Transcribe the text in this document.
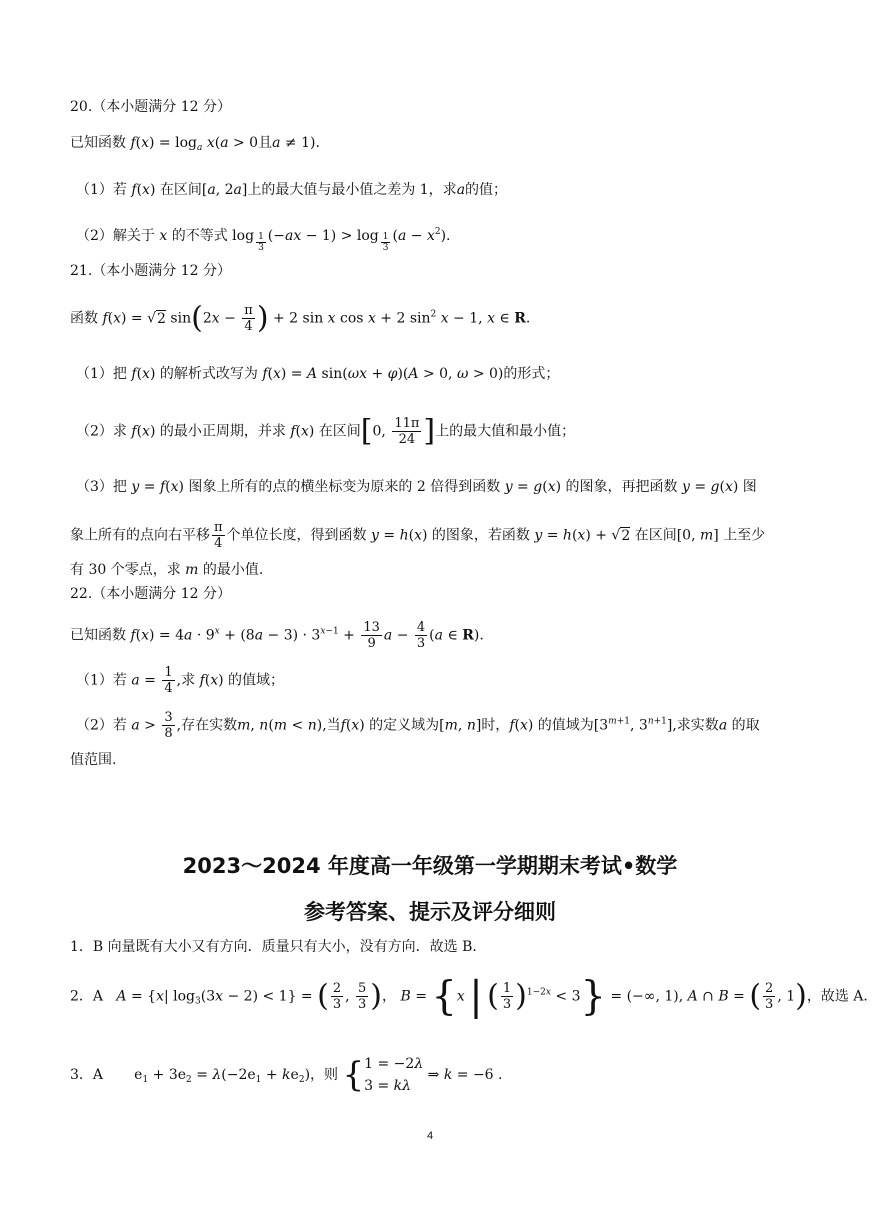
20.（本小题满分 12 分）
已知函数 $f(x) = \log_a x(a > 0$且a ≠ 1).
（1）若 f(x) 在区间[a, 2a]上的最大值与最小值之差为 1，求a的值；
（2）解关于 x 的不等式 $\log \frac{1}{3} (-ax - 1) > \log \frac{1}{3} (a - x^2)$.
21.（本小题满分 12 分）
函数 f(x) = √2 $\sin(2x - \frac{\pi}{4}$ ) + 2 sin x cos x + 2 $\sin^2 x - 1$, x ∈ R.
（1）把 f(x) 的解析式改写为 f(x) = A sin(ωx + φ)(A > 0, ω > 0)的形式；
（2）求 f(x) 的最小正周期，并求 f(x) 在区间[0, $\frac{11\pi}{24}$ ]上的最大值和最小值；
（3）把 y = f(x) 图象上所有的点的横坐标变为原来的 2 倍得到函数 y = g(x) 的图象，再把函数 y = g(x) 图
象上所有的点向右平移 $\frac{\pi}{4}$ 个单位长度，得到函数 y = h(x) 的图象，若函数 y = h(x) + √2 在区间[0, m] 上至少
有 30 个零点，求 m 的最小值.
22.（本小题满分 12 分）
已知函数 $f(x) = 4a \cdot 9^x + (8a - 3) \cdot 3^{x-1} + \frac{13}{9}$ $a - \frac{4}{3} (a$ ∈ R).
（1）若 $a = \frac{1}{4}$ ,求 f(x) 的值域；
（2）若 $a > \frac{3}{8}$ ,存在实数m, n(m < n),当f(x) 的定义域为[m, n]时，f(x) 的值域为[$3^{m+1}$, $3^{n+1}$],求实数a 的取
值范围.
2023～2024 年度高一年级第一学期期末考试•数学
参考答案、提示及评分细则
1．B 向量既有大小又有方向．质量只有大小，没有方向．故选 B．
2．A A = {x| $\log_3(3x - 2) < 1$} = ( $\frac{2}{3}$ , $\frac{5}{3}$ )， B = {x | ( $\frac{1}{3} )^{1-2x} < 3$} = (−∞, 1), A ∩ B = ( $\frac{2}{3}$ , 1)，故选 A．
3．A       $e_1 + 3e_2 = \lambda(-2e_1 + ke_2)$，则 { 1 = −2λ
3 = kλ
⇒ k = −6 .
4
